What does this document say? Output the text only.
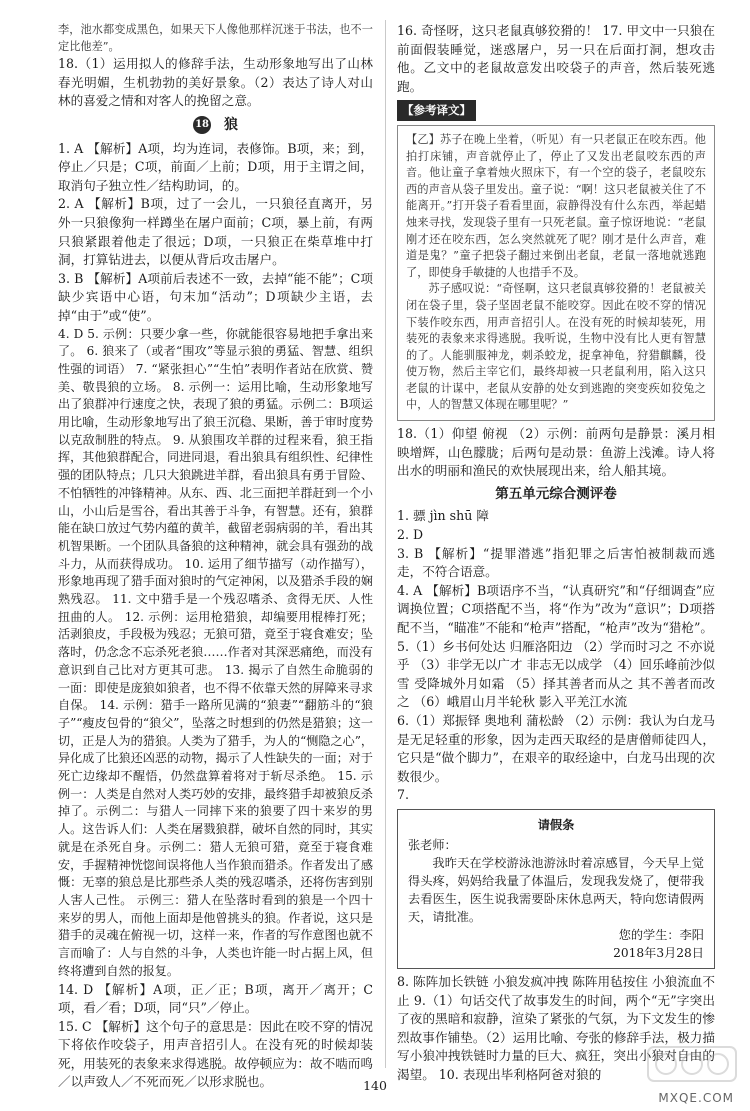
李，池水都变成黑色，如果天下人像他那样沉迷于书法，也不一定比他差”。

18.（1）运用拟人的修辞手法，生动形象地写出了山林春光明媚，生机勃勃的美好景象。（2）表达了诗人对山林的喜爱之情和对客人的挽留之意。

18 狼

1. A 【解析】A项，均为连词，表修饰。B项，来；到，停止／只是；C项，前面／上前；D项，用于主谓之间，取消句子独立性／结构助词，的。

2. A 【解析】B项，过了一会儿，一只狼径直离开，另外一只狼像狗一样蹲坐在屠户面前；C项，暴上前，有两只狼紧跟着他走了很远；D项，一只狼正在柴草堆中打洞，打算钻进去，以便从背后攻击屠户。

3. B 【解析】A项前后表述不一致，去掉“能不能”；C项缺少宾语中心语，句末加“活动”；D项缺少主语，去掉“由于”或“使”。

4. D 5. 示例：只要少拿一些，你就能很容易地把手拿出来了。 6. 狼来了（或者“围攻”等显示狼的勇猛、智慧、组织性强的词语） 7. “紧张担心”“生怕”表明作者站在欣赏、赞美、敬畏狼的立场。 8. 示例一：运用比喻，生动形象地写出了狼群冲行速度之快，表现了狼的勇猛。示例二：B项运用比喻，生动形象地写出了狼王沉稳、果断，善于审时度势以克敌制胜的特点。 9. 从狼围攻羊群的过程来看，狼王指挥，其他狼群配合，同进同退，看出狼具有组织性、纪律性强的团队特点；几只大狼跳进羊群，看出狼具有勇于冒险、不怕牺牲的冲锋精神。从东、西、北三面把羊群赶到一个小山，小山后是雪谷，看出其善于斗争，有智慧。还有，狼群能在缺口放过气势内蕴的黄羊，截留老弱病弱的羊，看出其机智果断。一个团队具备狼的这种精神，就会具有强劲的战斗力，从而获得成功。 10. 运用了细节描写（动作描写），形象地再现了猎手面对狼时的气定神闲，以及猎杀手段的娴熟残忍。 11. 文中猎手是一个残忍嗜杀、贪得无厌、人性扭曲的人。 12. 示例：运用枪猎狼，却编要用棍棒打死；活剥狼皮，手段极为残忍；无狼可猎，竟至于寝食难安；坠落时，仍念念不忘杀死老狼……作者对其深恶痛绝，而没有意识到自己比对方更其可悲。 13. 揭示了自然生命脆弱的一面：即使是庞狼如狼者，也不得不依靠天然的屏障来寻求自保。 14. 示例：猎手一路所见满的“狼妻”“翻筋斗的“狼子”“瘦皮包骨的“狼父”，坠落之时想到的仍然是猎狼；这一切，正是人为的猎狼。人类为了猎手，为人的“恻隐之心”，异化成了比狼还凶恶的动物，揭示了人性缺失的一面；对于死亡边缘却不醒悟，仍然盘算着将对于斩尽杀绝。 15. 示例一：人类是自然对人类巧妙的安排，最终猎手却被狼反杀掉了。示例二：与猎人一同摔下来的狼要了四十来岁的男人。这告诉人们：人类在屠戮狼群，破坏自然的同时，其实就是在杀死自身。示例二：猎人无狼可猎，竟至于寝食难安，手握精神恍惚间误将他人当作狼而猎杀。作者发出了感慨：无辜的狼总是比那些杀人类的残忍嗜杀，还将伤害到别人害人己性。 示例三：猎人在坠落时看到的狼是一个四十来岁的男人，而他上面却是他曾挑头的狼。作者说，这只是猎手的灵魂在俯视一切，这样一来，作者的写作意图也就不言而喻了：人与自然的斗争，人类也许能一时占据上风，但终将遭到自然的报复。

14. D 【解析】A项，正／正；B项，离开／离开；C项，看／看；D项，同“只”／停止。

15. C 【解析】这个句子的意思是：因此在咬不穿的情况下将依作咬袋子，用声音招引人。在没有死的时候却装死，用装死的表象来求得逃脱。故停顿应为：故不啮而鸣／以声致人／不死而死／以形求脱也。

16. 奇怪呀，这只老鼠真够狡猾的！ 17. 甲文中一只狼在前面假装睡觉，迷惑屠户，另一只在后面打洞，想攻击他。乙文中的老鼠故意发出咬袋子的声音，然后装死逃跑。

【参考译文】

【乙】苏子在晚上坐着，（听见）有一只老鼠正在咬东西。他拍打床铺，声音就停止了，停止了又发出老鼠咬东西的声音。他让童子拿着烛火照床下，有一个空的袋子，老鼠咬东西的声音从袋子里发出。童子说：“啊！这只老鼠被关住了不能离开。”打开袋子看看里面，寂静得没有什么东西，举起蜡烛来寻找，发现袋子里有一只死老鼠。童子惊讶地说：“老鼠刚才还在咬东西，怎么突然就死了呢？刚才是什么声音，难道是鬼？”童子把袋子翻过来倒出老鼠，老鼠一落地就逃跑了，即使身手敏捷的人也措手不及。

苏子感叹说：“奇怪啊，这只老鼠真够狡猾的！老鼠被关闭在袋子里，袋子坚固老鼠不能咬穿。因此在咬不穿的情况下装作咬东西，用声音招引人。在没有死的时候却装死，用装死的表象来求得逃脱。我听说，生物中没有比人更有智慧的了。人能驯服神龙，刺杀蛟龙，捉拿神龟，狩猎麒麟，役使万物，然后主宰它们，最终却被一只老鼠利用，陷入这只老鼠的计谋中，老鼠从安静的处女到逃跑的突变疾如狡兔之中，人的智慧又体现在哪里呢？”

18.（1）仰望 俯视 （2）示例：前两句是静景：溪月相映增辉，山色朦胧；后两句是动景：鱼游上浅滩。诗人将出水的明丽和渔民的欢快展现出来，给人船其境。

第五单元综合测评卷

1. 骠 jìn shū 障

2. D

3. B 【解析】“提罪潜逃”指犯罪之后害怕被制裁而逃走，不符合语意。

4. A 【解析】B项语序不当，“认真研究”和“仔细调查”应调换位置；C项搭配不当，将“作为”改为“意识”；D项搭配不当，“瞄准”不能和“枪声”搭配，“枪声”改为“猎枪”。

5.（1）乡书何处达 归雁洛阳边 （2）学而时习之 不亦说乎 （3）非学无以广才 非志无以成学 （4）回乐峰前沙似雪 受降城外月如霜 （5）择其善者而从之 其不善者而改之 （6）峨眉山月半轮秋 影入平羌江水流

6.（1）郑振铎 奥地利 蒲松龄 （2）示例：我认为白龙马是无足轻重的形象，因为走西天取经的是唐僧师徒四人，它只是“做个脚力”，在艰辛的取经途中，白龙马出现的次数很少。

7.

请假条

张老师：

我昨天在学校游泳池游泳时着凉感冒，今天早上觉得头疼，妈妈给我量了体温后，发现我发烧了，便带我去看医生，医生说我需要卧床休息两天，特向您请假两天，请批准。

您的学生：李阳

2018年3月28日

8. 陈阵加长铁链 小狼发疯冲拽 陈阵用毡按住 小狼流血不止 9.（1）句话交代了故事发生的时间，两个“无”字突出了夜的黑暗和寂静，渲染了紧张的气氛，为下文发生的惨烈故事作铺垫。（2）运用比喻、夸张的修辞手法，极力描写小狼冲拽铁链时力量的巨大、疯狂，突出小狼对自由的渴望。 10. 表现出毕利格阿爸对狼的

140
MXQE.COM
